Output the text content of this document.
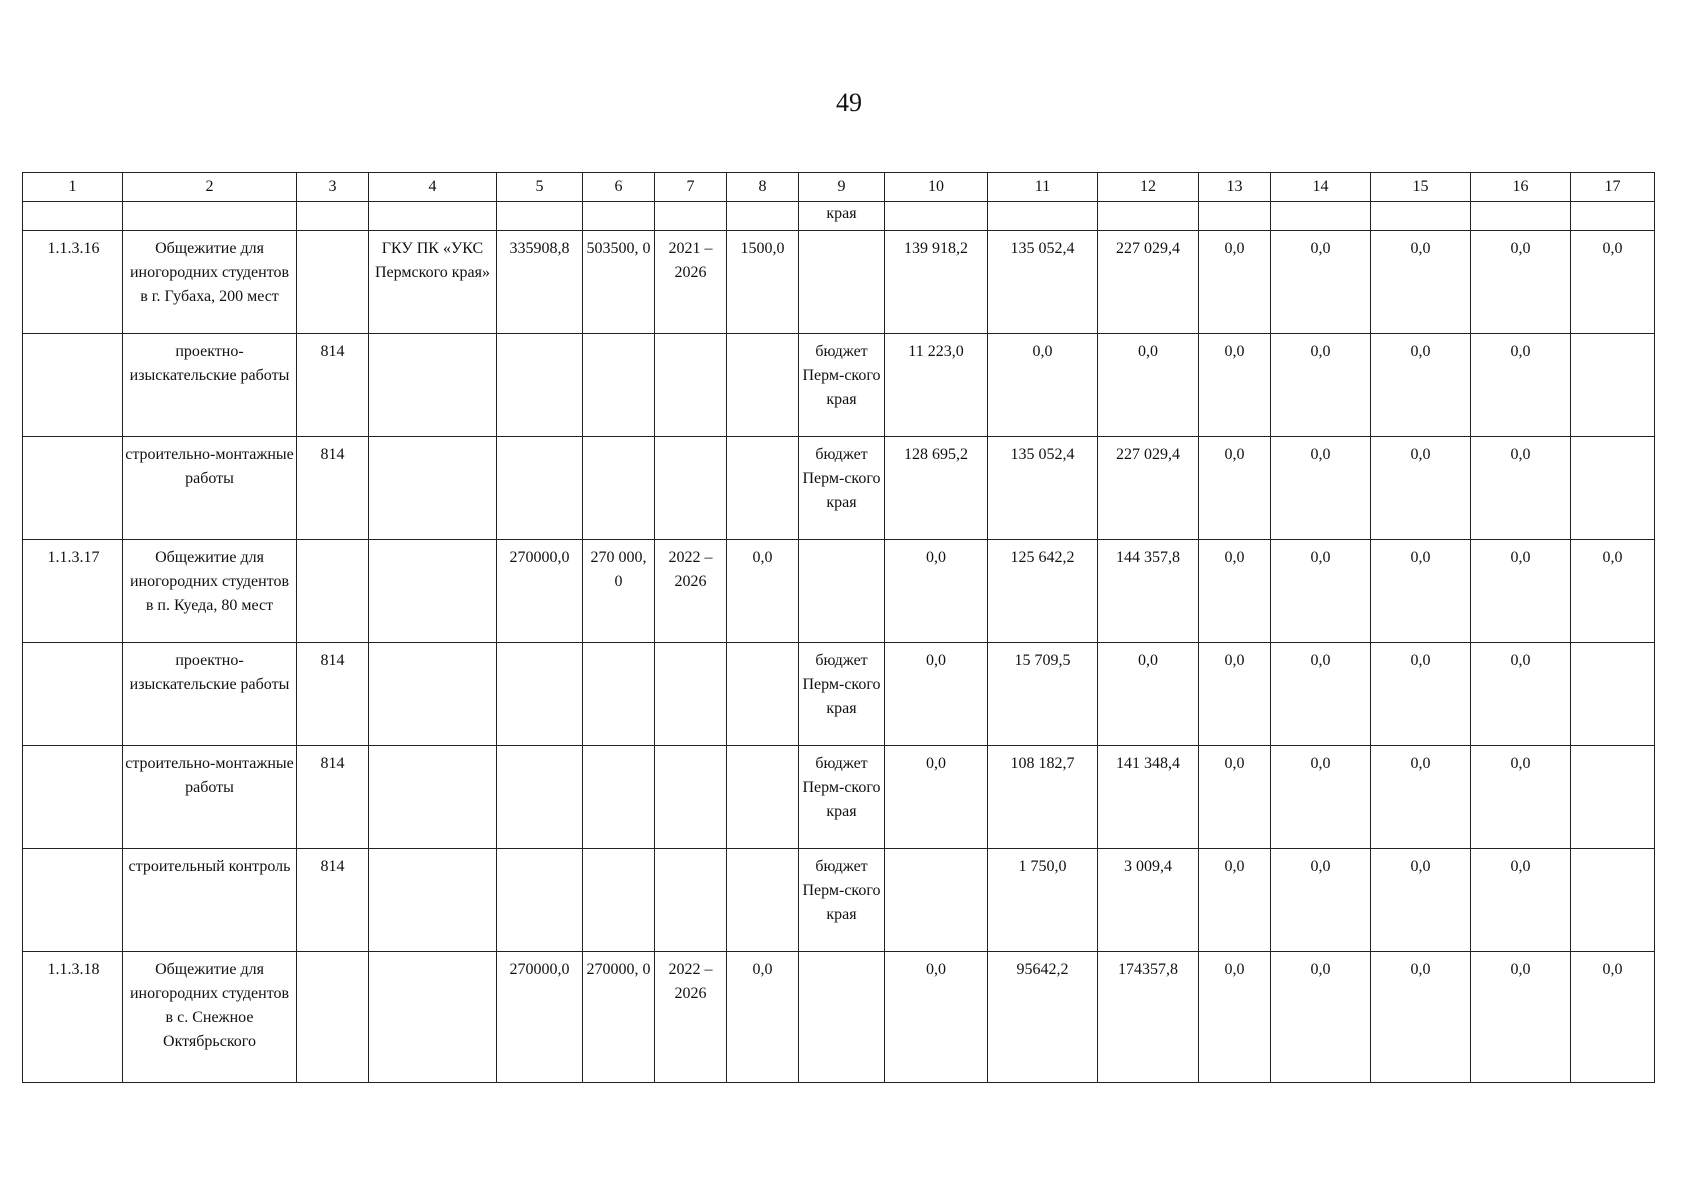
49
1	2	3	4	5	6	7	8	9	10	11	12	13	14	15	16	17
								края								
1.1.3.16	Общежитие для иногородних студентов в г. Губаха, 200 мест		ГКУ ПК «УКС Пермского края»	335908,8	503500, 0	2021 – 2026	1500,0		139 918,2	135 052,4	227 029,4	0,0	0,0	0,0	0,0	0,0
	проектно-изыскательские работы	814						бюджет Перм-ского края	11 223,0	0,0	0,0	0,0	0,0	0,0	0,0	
	строительно-монтажные работы	814						бюджет Перм-ского края	128 695,2	135 052,4	227 029,4	0,0	0,0	0,0	0,0	
1.1.3.17	Общежитие для иногородних студентов в п. Куеда, 80 мест			270000,0	270 000, 0	2022 – 2026	0,0		0,0	125 642,2	144 357,8	0,0	0,0	0,0	0,0	0,0
	проектно-изыскательские работы	814						бюджет Перм-ского края	0,0	15 709,5	0,0	0,0	0,0	0,0	0,0	
	строительно-монтажные работы	814						бюджет Перм-ского края	0,0	108 182,7	141 348,4	0,0	0,0	0,0	0,0	
	строительный контроль	814						бюджет Перм-ского края		1 750,0	3 009,4	0,0	0,0	0,0	0,0	
1.1.3.18	Общежитие для иногородних студентов в с. Снежное Октябрьского			270000,0	270000, 0	2022 – 2026	0,0		0,0	95642,2	174357,8	0,0	0,0	0,0	0,0	0,0
